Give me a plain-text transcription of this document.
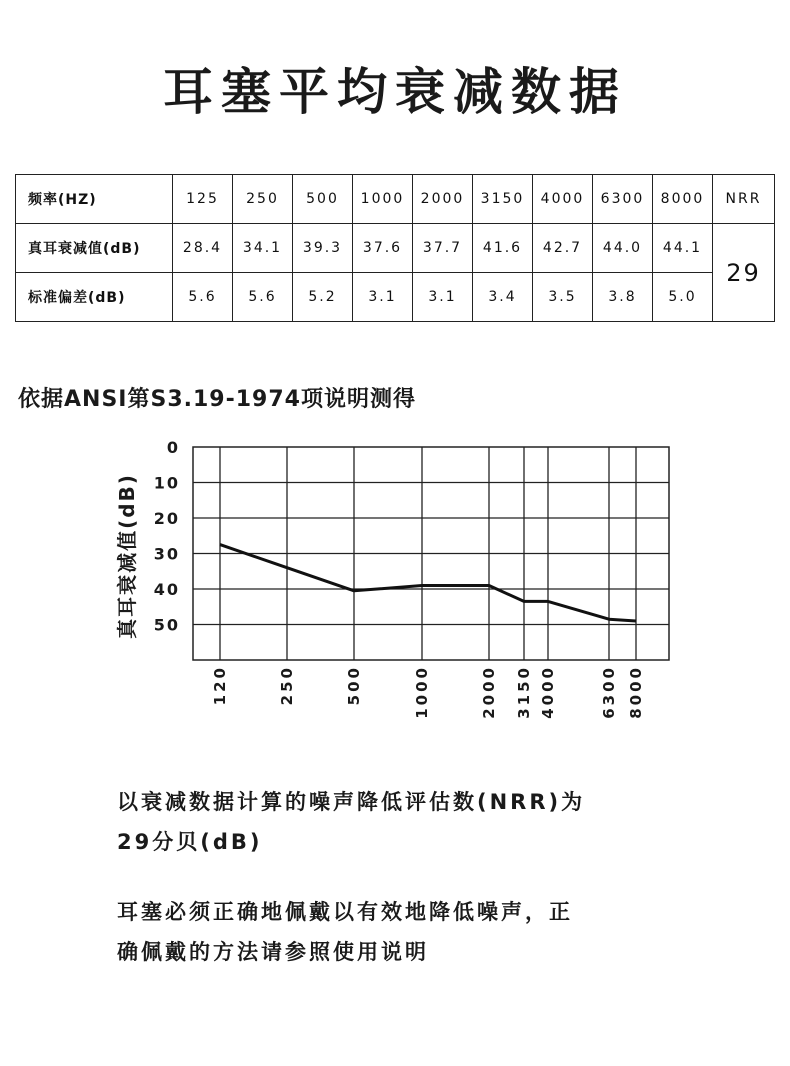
耳塞平均衰减数据
频率(HZ)	125	250	500	1000	2000	3150	4000	6300	8000	NRR
真耳衰减值(dB)	28.4	34.1	39.3	37.6	37.7	41.6	42.7	44.0	44.1	29
标准偏差(dB)	5.6	5.6	5.2	3.1	3.1	3.4	3.5	3.8	5.0	
依据ANSI第S3.19-1974项说明测得
0
10
20
30
40
50
120	250	500	1000	2000 3150 4000	6300 8000
真耳衰减值(dB)
以衰减数据计算的噪声降低评估数(NRR)为
29分贝(dB)
耳塞必须正确地佩戴以有效地降低噪声，正
确佩戴的方法请参照使用说明
